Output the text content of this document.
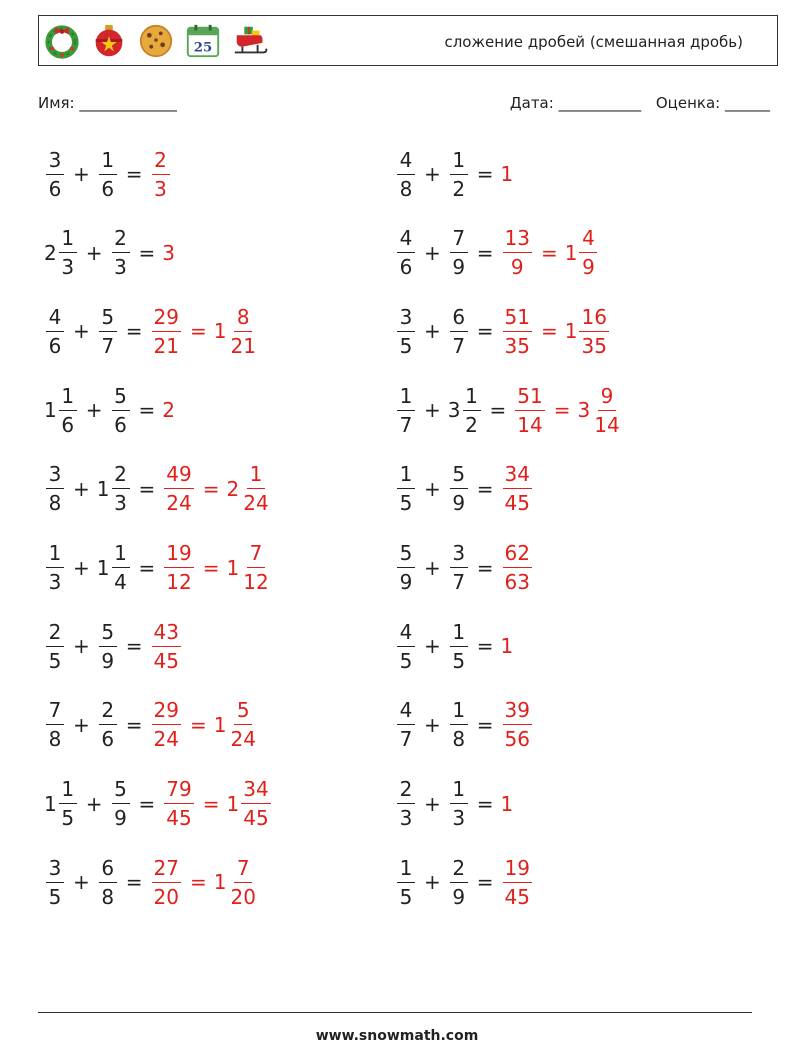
25	сложение дробей (смешанная дробь)
Имя: _____________	Дата: ___________ Оценка: ______
$\frac{3}{6} + \frac{1}{6} = \frac{2}{3}$	$\frac{4}{8} + \frac{1}{2} = 1$
$2 \frac{1}{3} + \frac{2}{3} = 3$	$\frac{4}{6} + \frac{7}{9} = \frac{13}{9} = 1 \frac{4}{9}$
$\frac{4}{6} + \frac{5}{7} = \frac{29}{21} = 1 \frac{8}{21}$	$\frac{3}{5} + \frac{6}{7} = \frac{51}{35} = 1 \frac{16}{35}$
$1 \frac{1}{6} + \frac{5}{6} = 2$	$\frac{1}{7} + 3 \frac{1}{2} = \frac{51}{14} = 3 \frac{9}{14}$
$\frac{3}{8} + 1 \frac{2}{3} = \frac{49}{24} = 2 \frac{1}{24}$	$\frac{1}{5} + \frac{5}{9} = \frac{34}{45}$
$\frac{1}{3} + 1 \frac{1}{4} = \frac{19}{12} = 1 \frac{7}{12}$	$\frac{5}{9} + \frac{3}{7} = \frac{62}{63}$
$\frac{2}{5} + \frac{5}{9} = \frac{43}{45}$	$\frac{4}{5} + \frac{1}{5} = 1$
$\frac{7}{8} + \frac{2}{6} = \frac{29}{24} = 1 \frac{5}{24}$	$\frac{4}{7} + \frac{1}{8} = \frac{39}{56}$
$1 \frac{1}{5} + \frac{5}{9} = \frac{79}{45} = 1 \frac{34}{45}$	$\frac{2}{3} + \frac{1}{3} = 1$
$\frac{3}{5} + \frac{6}{8} = \frac{27}{20} = 1 \frac{7}{20}$	$\frac{1}{5} + \frac{2}{9} = \frac{19}{45}$
www.snowmath.com
